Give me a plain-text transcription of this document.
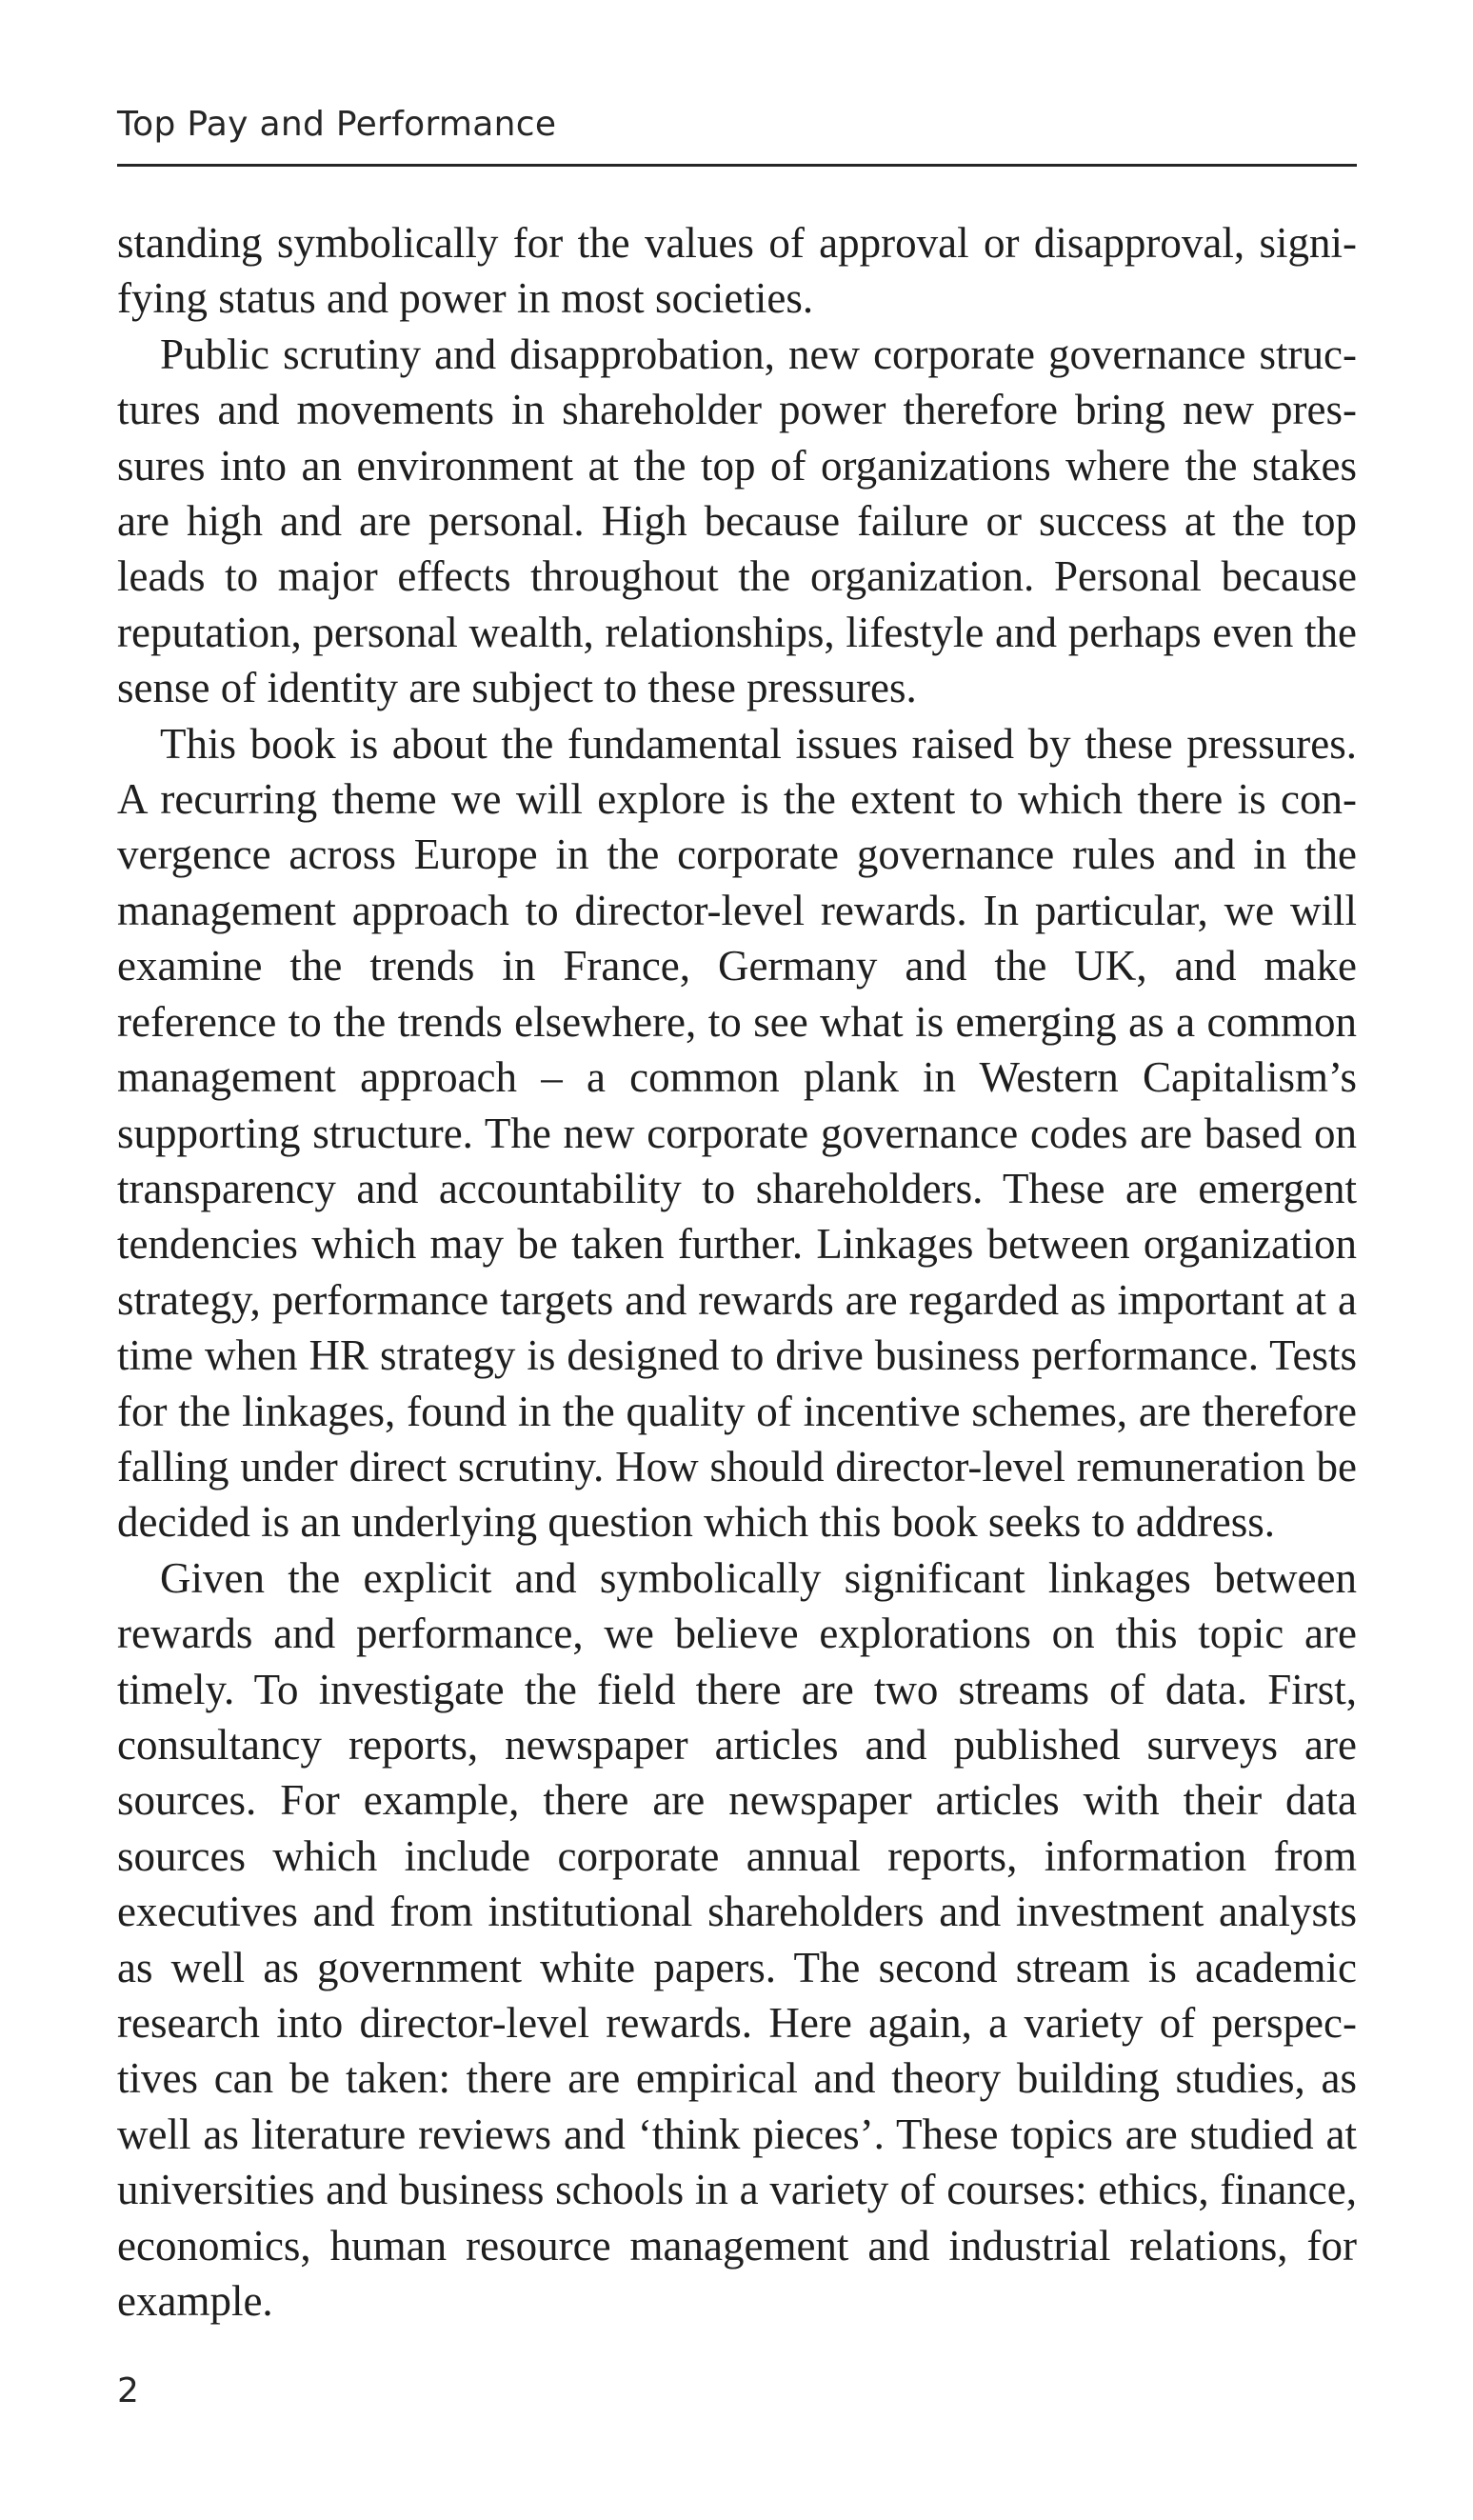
Top Pay and Performance

standing symbolically for the values of approval or disapproval, signifying status and power in most societies.

Public scrutiny and disapprobation, new corporate governance structures and movements in shareholder power therefore bring new pressures into an environment at the top of organizations where the stakes are high and are personal. High because failure or success at the top leads to major effects throughout the organization. Personal because reputation, personal wealth, relationships, lifestyle and perhaps even the sense of identity are subject to these pressures.

This book is about the fundamental issues raised by these pressures. A recurring theme we will explore is the extent to which there is convergence across Europe in the corporate governance rules and in the management approach to director-level rewards. In particular, we will examine the trends in France, Germany and the UK, and make reference to the trends elsewhere, to see what is emerging as a common management approach – a common plank in Western Capitalism’s supporting structure. The new corporate governance codes are based on transparency and accountability to shareholders. These are emergent tendencies which may be taken further. Linkages between organization strategy, performance targets and rewards are regarded as important at a time when HR strategy is designed to drive business performance. Tests for the linkages, found in the quality of incentive schemes, are therefore falling under direct scrutiny. How should director-level remuneration be decided is an underlying question which this book seeks to address.

Given the explicit and symbolically significant linkages between rewards and performance, we believe explorations on this topic are timely. To investigate the field there are two streams of data. First, consultancy reports, newspaper articles and published surveys are sources. For example, there are newspaper articles with their data sources which include corporate annual reports, information from executives and from institutional shareholders and investment analysts as well as government white papers. The second stream is academic research into director-level rewards. Here again, a variety of perspectives can be taken: there are empirical and theory building studies, as well as literature reviews and ‘think pieces’. These topics are studied at universities and business schools in a variety of courses: ethics, finance, economics, human resource management and industrial relations, for example.

2
